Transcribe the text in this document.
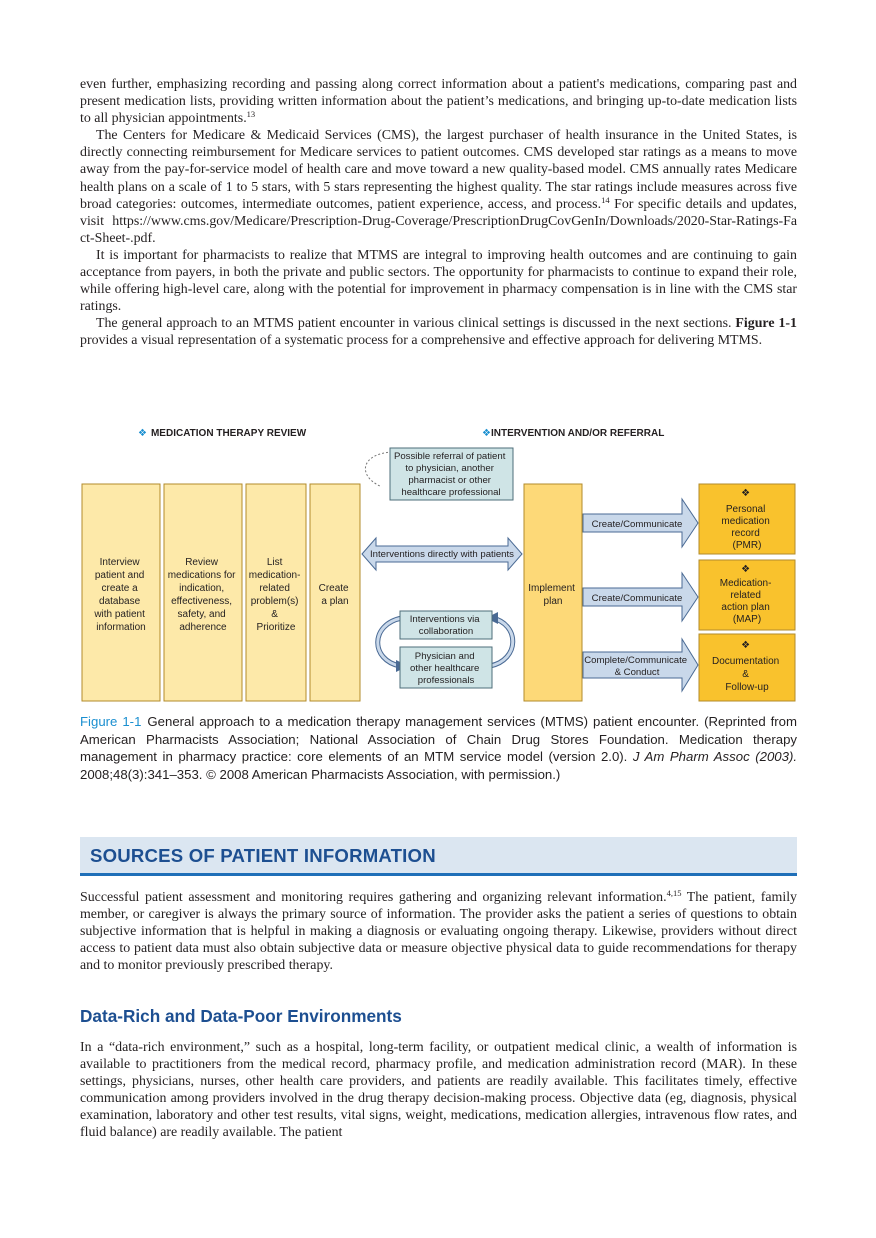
even further, emphasizing recording and passing along correct information about a patient's medications, comparing past and present medication lists, providing written information about the patient’s medications, and bringing up-to-date medication lists to all physician appointments.$^{13}$

The Centers for Medicare & Medicaid Services (CMS), the largest purchaser of health insurance in the United States, is directly connecting reimbursement for Medicare services to patient outcomes. CMS developed star ratings as a means to move away from the pay-for-service model of health care and move toward a new quality-based model. CMS annually rates Medicare health plans on a scale of 1 to 5 stars, with 5 stars representing the highest quality. The star ratings include measures across five broad categories: outcomes, intermediate outcomes, patient experience, access, and process.$^{14}$ For specific details and updates, visit https://www.cms.gov/Medicare/Prescription-Drug-Coverage/PrescriptionDrugCovGenIn/Downloads/2020-Star-Ratings-Fact-Sheet-.pdf.

It is important for pharmacists to realize that MTMS are integral to improving health outcomes and are continuing to gain acceptance from payers, in both the private and public sectors. The opportunity for pharmacists to continue to expand their role, while offering high-level care, along with the potential for improvement in pharmacy compensation is in line with the CMS star ratings.

The general approach to an MTMS patient encounter in various clinical settings is discussed in the next sections. Figure 1-1 provides a visual representation of a systematic process for a comprehensive and effective approach for delivering MTMS.

❖ MEDICATION THERAPY REVIEW	❖INTERVENTION AND/OR REFERRAL
Interview patient and create a database with patient information
Review medications for indication, effectiveness, safety, and adherence
List medication- related problem(s) & Prioritize
Create a plan
Possible referral of patient to physician, another pharmacist or other healthcare professional
Interventions directly with patients
Interventions via collaboration
Physician and other healthcare professionals
Implement plan
Create/Communicate
Create/Communicate
Complete/Communicate & Conduct
❖ Personal medication record (PMR)
❖ Medication- related action plan (MAP)
❖ Documentation & Follow-up

Figure 1-1 General approach to a medication therapy management services (MTMS) patient encounter. (Reprinted from American Pharmacists Association; National Association of Chain Drug Stores Foundation. Medication therapy management in pharmacy practice: core elements of an MTM service model (version 2.0). J Am Pharm Assoc (2003). 2008;48(3):341–353. © 2008 American Pharmacists Association, with permission.)

SOURCES OF PATIENT INFORMATION

Successful patient assessment and monitoring requires gathering and organizing relevant information.$^{4,15}$ The patient, family member, or caregiver is always the primary source of information. The provider asks the patient a series of questions to obtain subjective information that is helpful in making a diagnosis or evaluating ongoing therapy. Likewise, providers without direct access to patient data must also obtain subjective data or measure objective physical data to guide recommendations for therapy and to monitor previously prescribed therapy.

Data-Rich and Data-Poor Environments

In a “data-rich environment,” such as a hospital, long-term facility, or outpatient medical clinic, a wealth of information is available to practitioners from the medical record, pharmacy profile, and medication administration record (MAR). In these settings, physicians, nurses, other health care providers, and patients are readily available. This facilitates timely, effective communication among providers involved in the drug therapy decision-making process. Objective data (eg, diagnosis, physical examination, laboratory and other test results, vital signs, weight, medications, medication allergies, intravenous flow rates, and fluid balance) are readily available. The patient
